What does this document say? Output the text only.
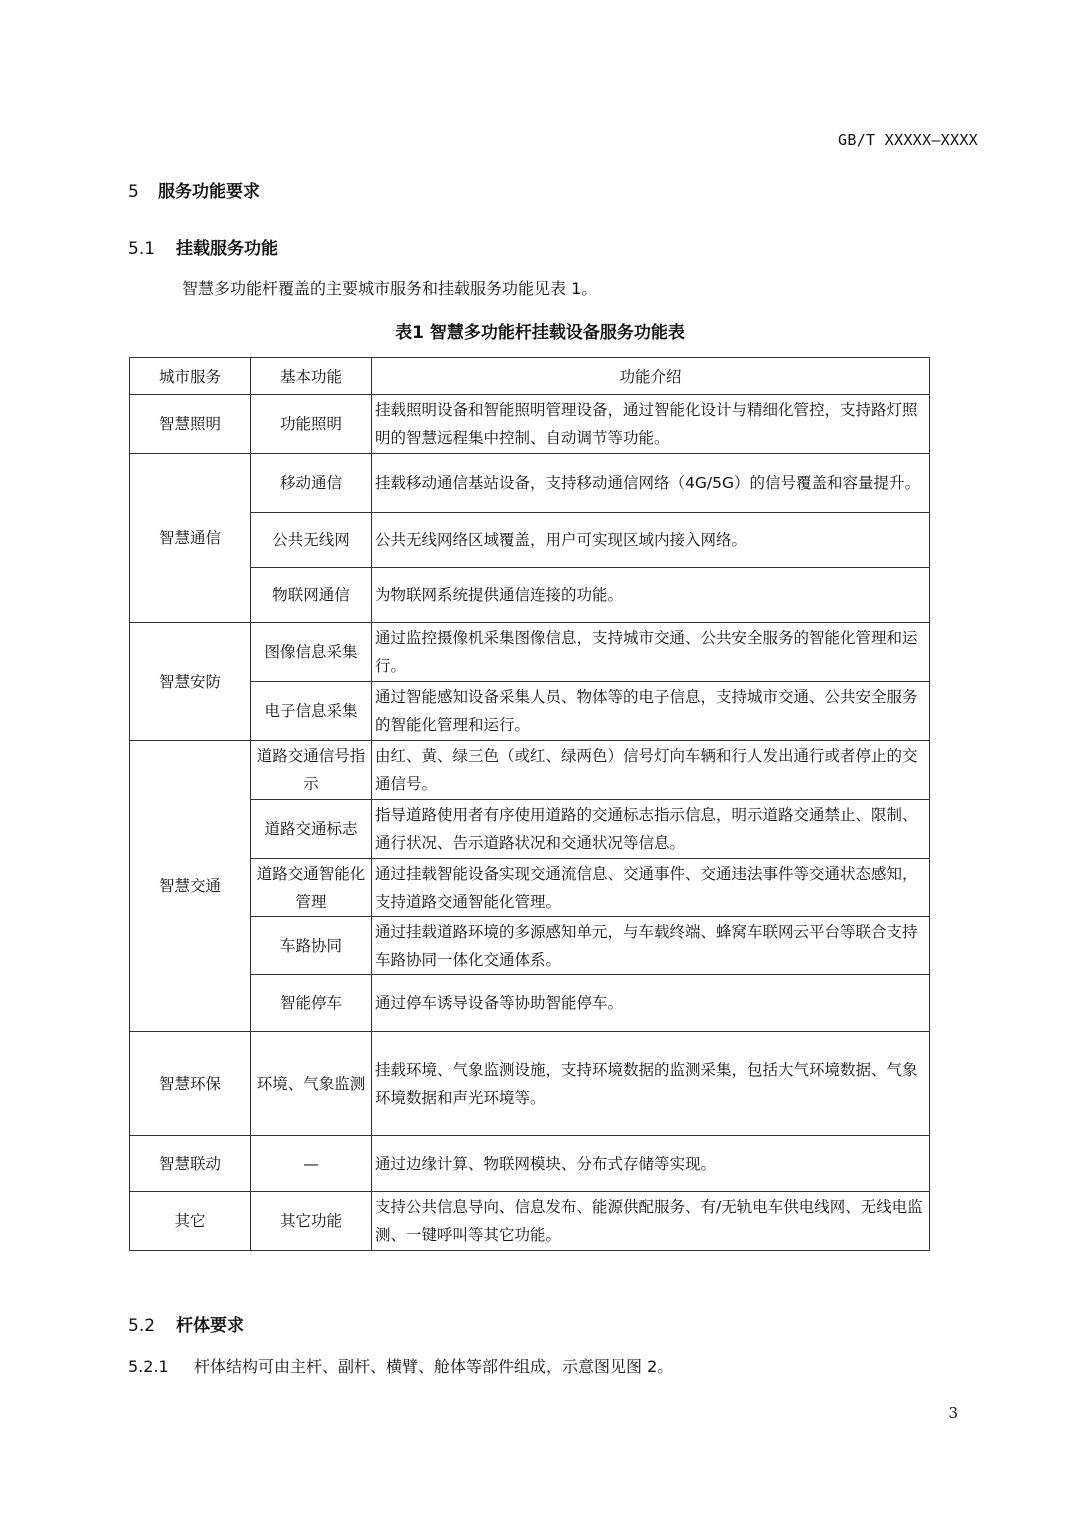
GB/T XXXXX—XXXX
5 服务功能要求
5.1 挂载服务功能
智慧多功能杆覆盖的主要城市服务和挂载服务功能见表 1。
表1 智慧多功能杆挂载设备服务功能表
城市服务	基本功能	功能介绍
智慧照明	功能照明	挂载照明设备和智能照明管理设备，通过智能化设计与精细化管控，支持路灯照明的智慧远程集中控制、自动调节等功能。
智慧通信	移动通信	挂载移动通信基站设备，支持移动通信网络（4G/5G）的信号覆盖和容量提升。
	公共无线网	公共无线网络区域覆盖，用户可实现区域内接入网络。
	物联网通信	为物联网系统提供通信连接的功能。
智慧安防	图像信息采集	通过监控摄像机采集图像信息，支持城市交通、公共安全服务的智能化管理和运行。
	电子信息采集	通过智能感知设备采集人员、物体等的电子信息，支持城市交通、公共安全服务的智能化管理和运行。
智慧交通	道路交通信号指示	由红、黄、绿三色（或红、绿两色）信号灯向车辆和行人发出通行或者停止的交通信号。
	道路交通标志	指导道路使用者有序使用道路的交通标志指示信息，明示道路交通禁止、限制、通行状况、告示道路状况和交通状况等信息。
	道路交通智能化管理	通过挂载智能设备实现交通流信息、交通事件、交通违法事件等交通状态感知，支持道路交通智能化管理。
	车路协同	通过挂载道路环境的多源感知单元，与车载终端、蜂窝车联网云平台等联合支持车路协同一体化交通体系。
	智能停车	通过停车诱导设备等协助智能停车。
智慧环保	环境、气象监测	挂载环境、气象监测设施，支持环境数据的监测采集，包括大气环境数据、气象环境数据和声光环境等。
智慧联动	—	通过边缘计算、物联网模块、分布式存储等实现。
其它	其它功能	支持公共信息导向、信息发布、能源供配服务、有/无轨电车供电线网、无线电监测、一键呼叫等其它功能。
5.2 杆体要求
5.2.1 杆体结构可由主杆、副杆、横臂、舱体等部件组成，示意图见图 2。
3
